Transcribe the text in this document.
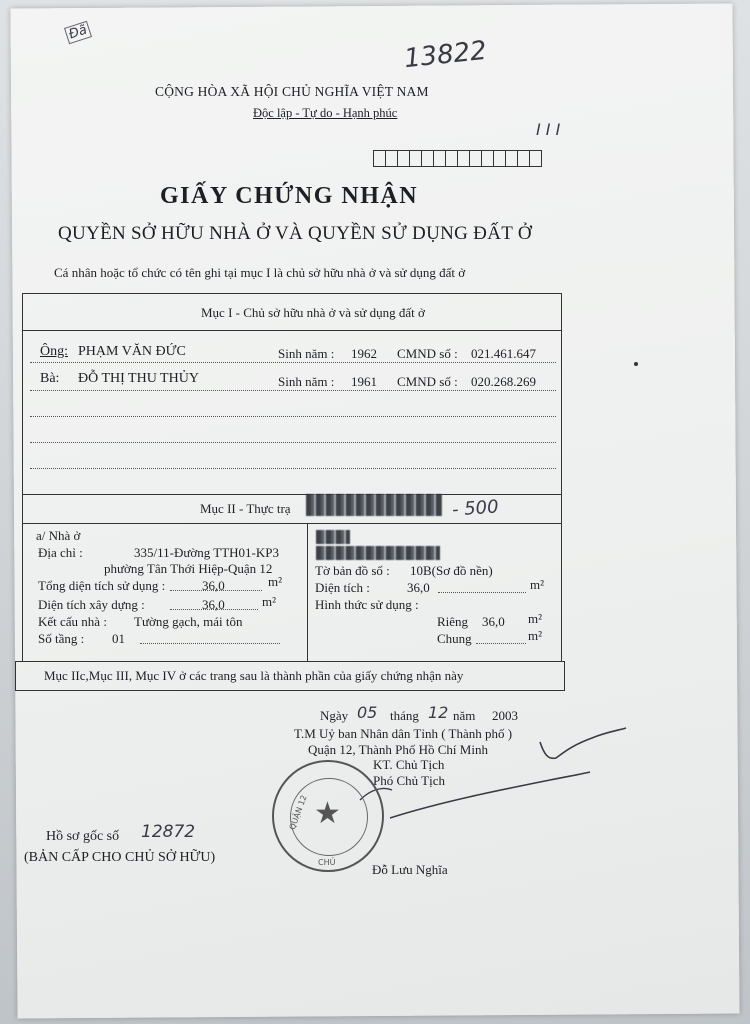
Đã
13822
CỘNG HÒA XÃ HỘI CHỦ NGHĨA VIỆT NAM
Độc lập - Tự do - Hạnh phúc
GIẤY CHỨNG NHẬN
QUYỀN SỞ HỮU NHÀ Ở VÀ QUYỀN SỬ DỤNG ĐẤT Ở
Cá nhân hoặc tổ chức có tên ghi tại mục I là chủ sở hữu nhà ở và sử dụng đất ở
Mục I - Chủ sở hữu nhà ở và sử dụng đất ở
Ông: PHẠM VĂN ĐỨC	Sinh năm : 1962 CMND số : 021.461.647
Bà: ĐỖ THỊ THU THỦY	Sinh năm : 1961 CMND số : 020.268.269
Mục II - Thực trạ	- 500
a/ Nhà ở
Địa chỉ :	335/11-Đường TTH01-KP3
phường Tân Thới Hiệp-Quận 12
Tổng diện tích sử dụng :	36,0	m²
Diện tích xây dựng :	36,0	m²
Kết cấu nhà : Tường gạch, mái tôn
Số tầng : 01
Tờ bản đồ số : 10B(Sơ đồ nền)
Diện tích :	36,0	m²
Hình thức sử dụng :
Riêng 36,0 m²
Chung	m²
Mục IIc,Mục III, Mục IV ở các trang sau là thành phần của giấy chứng nhận này
Ngày 05 tháng 12 năm 2003
T.M Uỷ ban Nhân dân Tỉnh ( Thành phố )
Quận 12, Thành Phố Hồ Chí Minh
KT. Chủ Tịch
Phó Chủ Tịch
★
QUẬN 12
CHỦ	Đỗ Lưu Nghĩa
Hồ sơ gốc số 12872
(BẢN CẤP CHO CHỦ SỞ HỮU)
I I I
